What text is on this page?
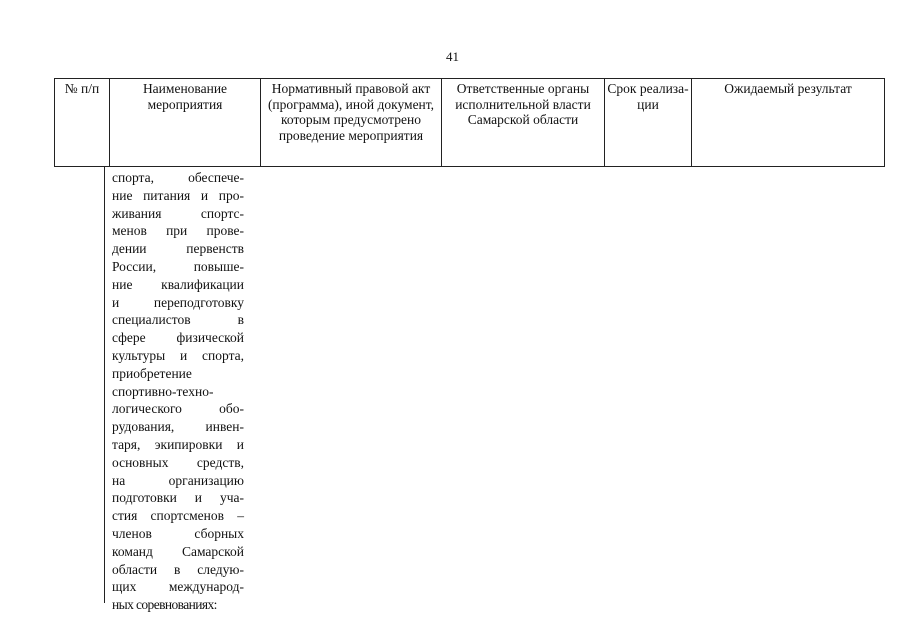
41
№ п/п	Наименование мероприятия	Нормативный правовой акт (программа), иной документ, которым предусмотрено проведение мероприятия	Ответственные органы исполнительной власти Самарской области	Срок реализа-ции	Ожидаемый результат
спорта, обеспече-
ние питания и про-
живания спортс-
менов при прове-
дении первенств
России, повыше-
ние квалификации
и переподготовку
специалистов в
сфере физической
культуры и спорта,
приобретение
спортивно-техно-
логического обо-
рудования, инвен-
таря, экипировки и
основных средств,
на организацию
подготовки и уча-
стия спортсменов –
членов сборных
команд Самарской
области в следую-
щих международ-
ных соревнованиях:
